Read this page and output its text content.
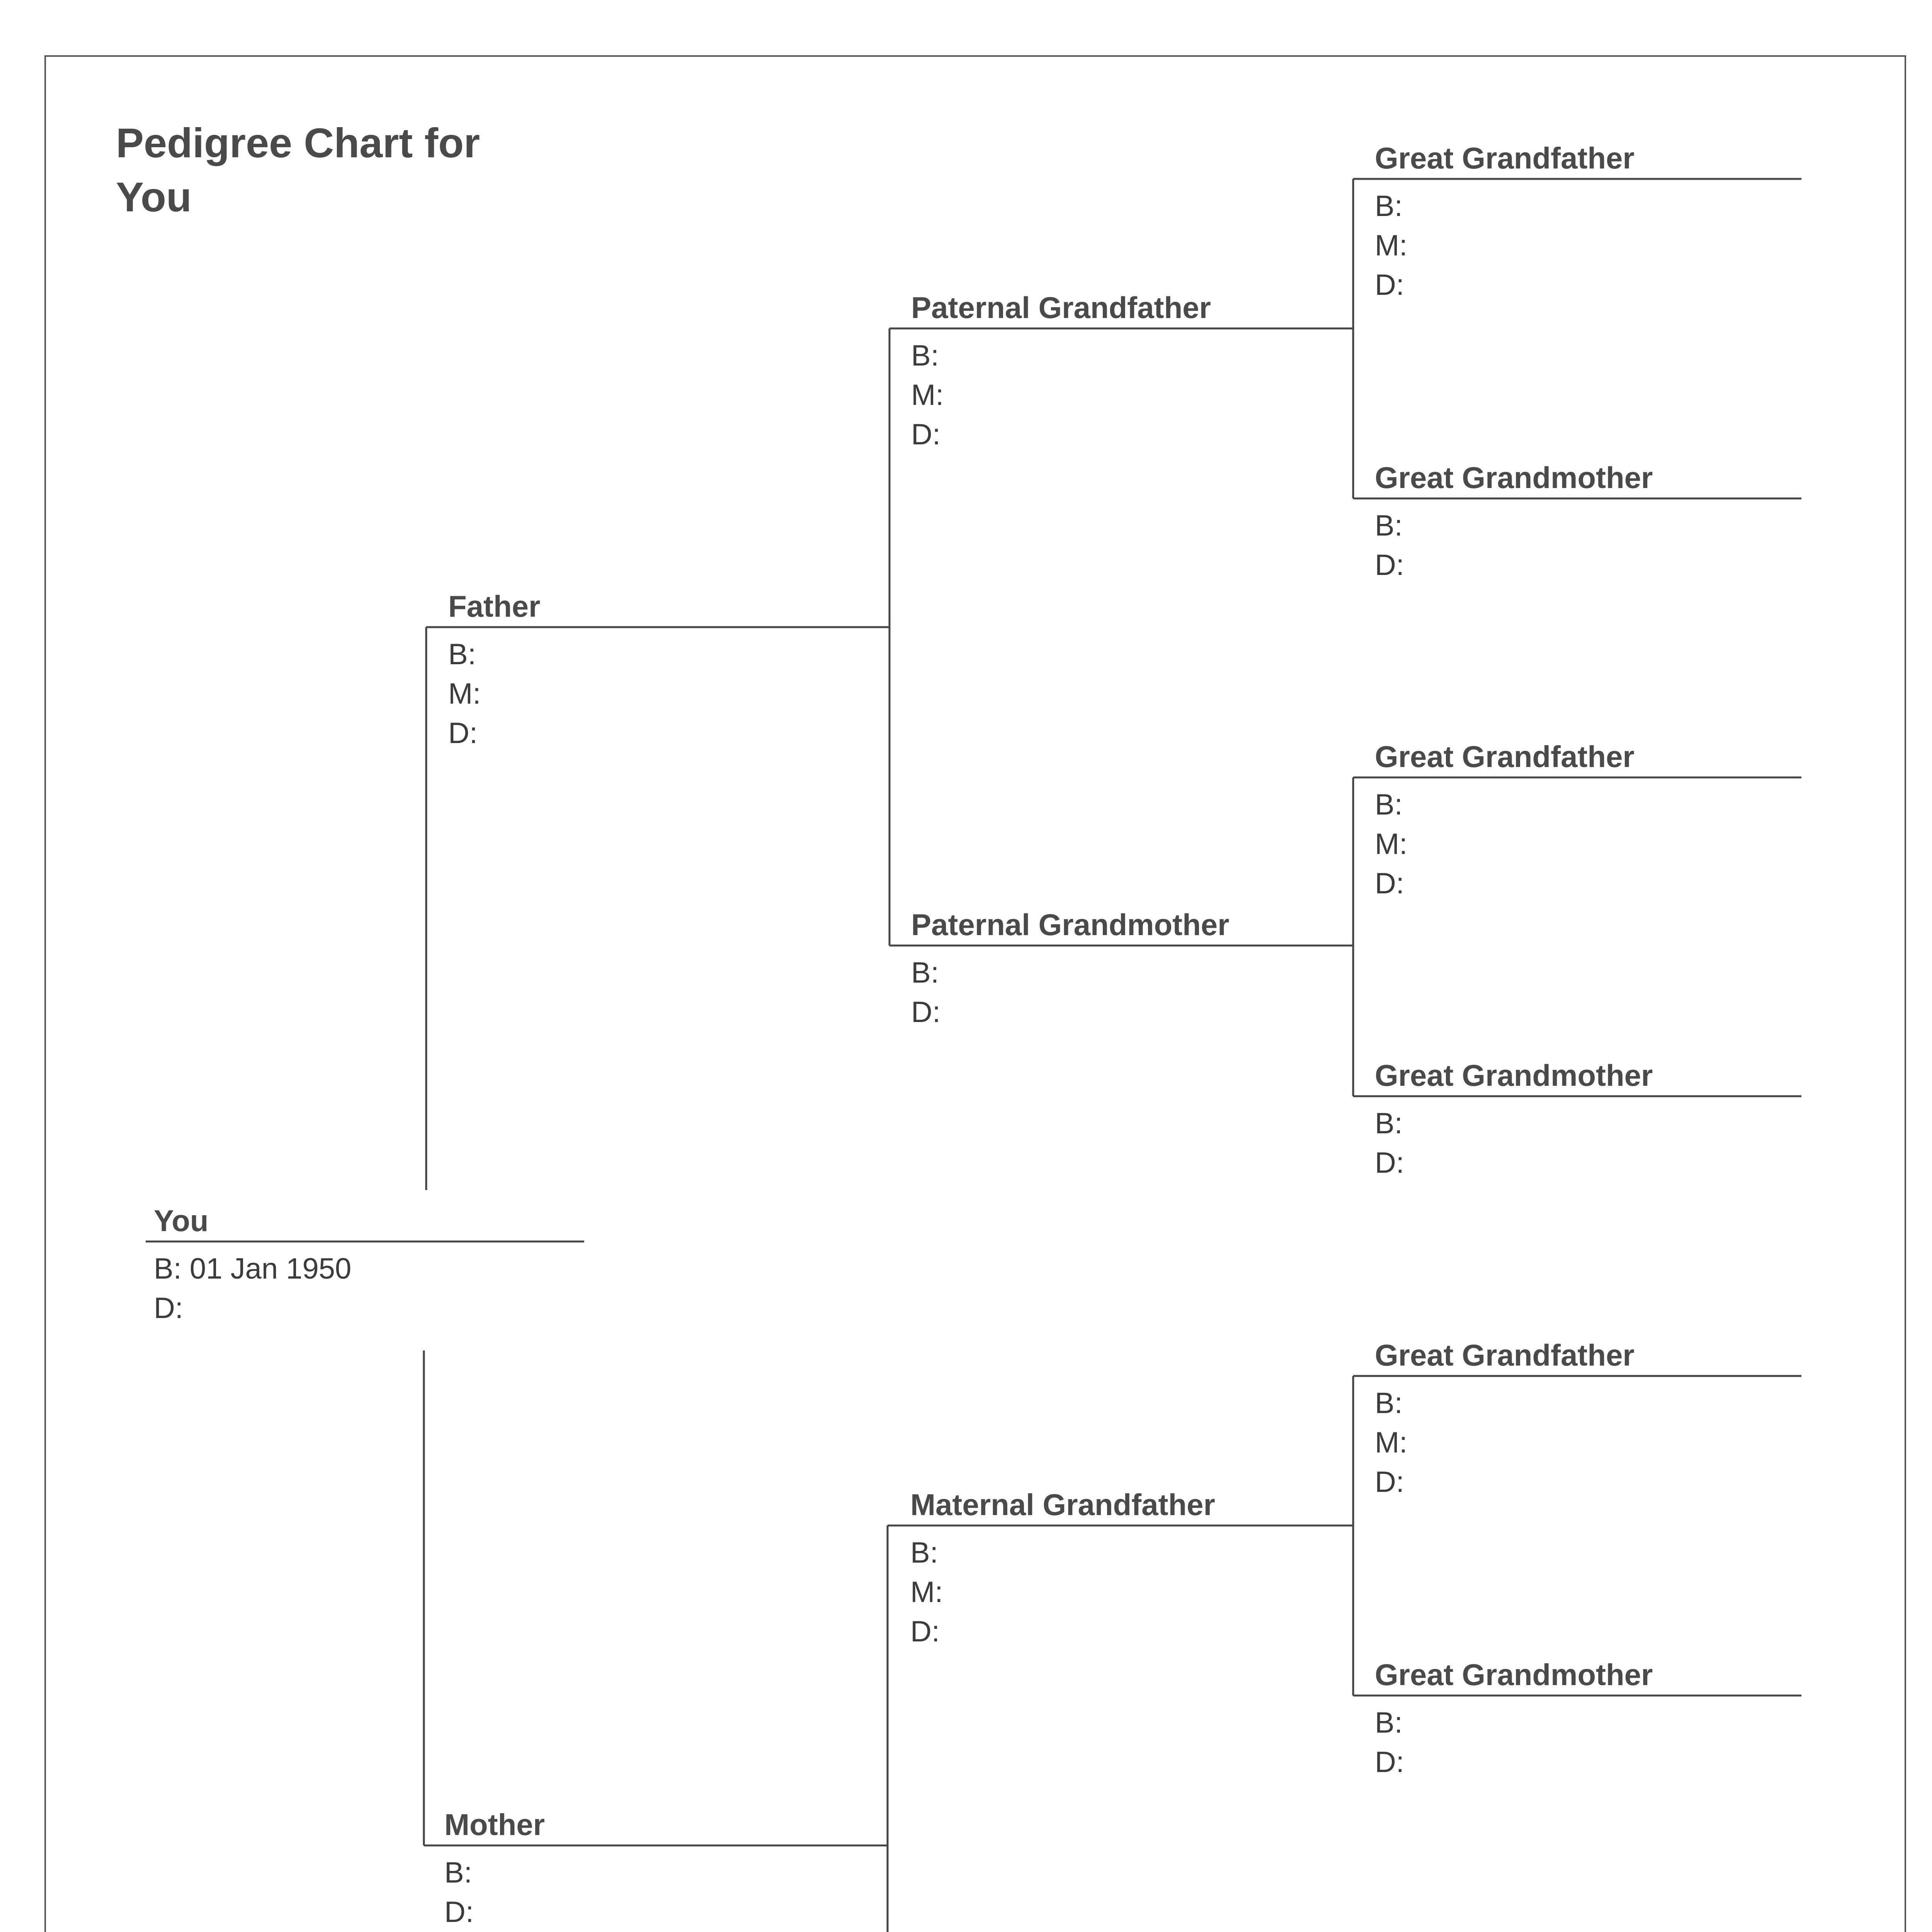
Pedigree Chart for
You
You
B: 01 Jan 1950
D:
Father
B:
M:
D:
Mother
B:
D:
Paternal Grandfather
B:
M:
D:
Paternal Grandmother
B:
D:
Maternal Grandfather
B:
M:
D:
Great Grandfather
B:
M:
D:
Great Grandmother
B:
D:
Great Grandfather
B:
M:
D:
Great Grandmother
B:
D:
Great Grandfather
B:
M:
D:
Great Grandmother
B:
D:
